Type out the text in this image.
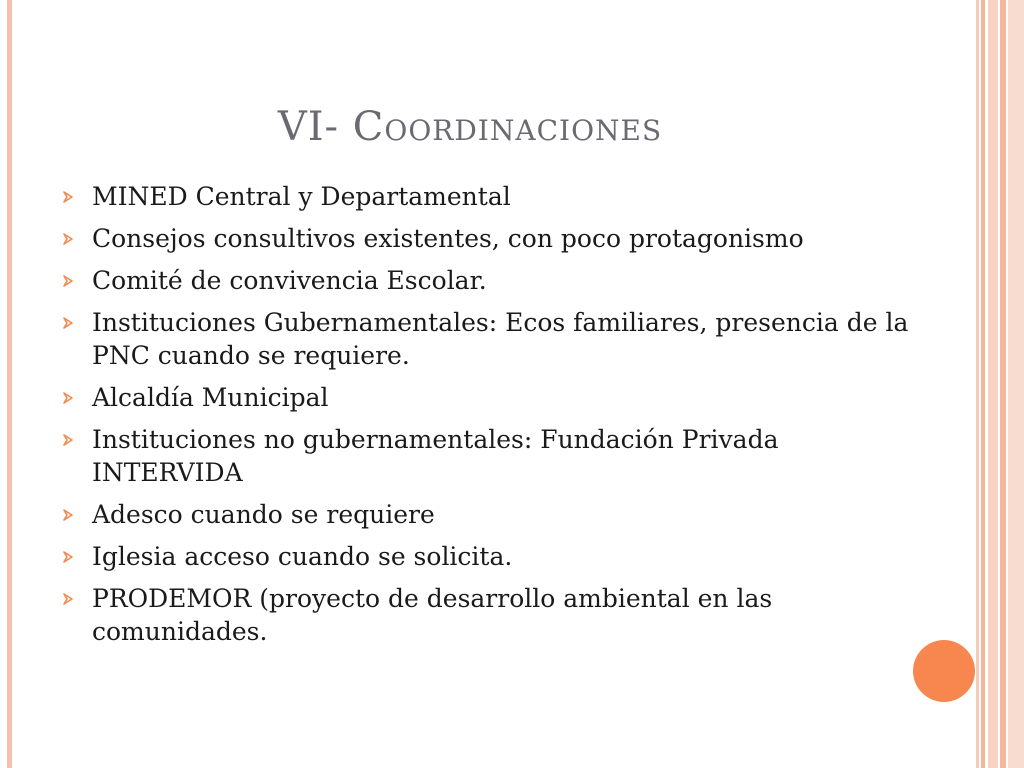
VI- Coordinaciones
MINED Central y Departamental
Consejos consultivos existentes, con poco protagonismo
Comité de convivencia Escolar.
Instituciones Gubernamentales: Ecos familiares, presencia de la PNC cuando se requiere.
Alcaldía Municipal
Instituciones no gubernamentales: Fundación Privada INTERVIDA
Adesco cuando se requiere
Iglesia acceso cuando se solicita.
PRODEMOR (proyecto de desarrollo ambiental en las comunidades.
